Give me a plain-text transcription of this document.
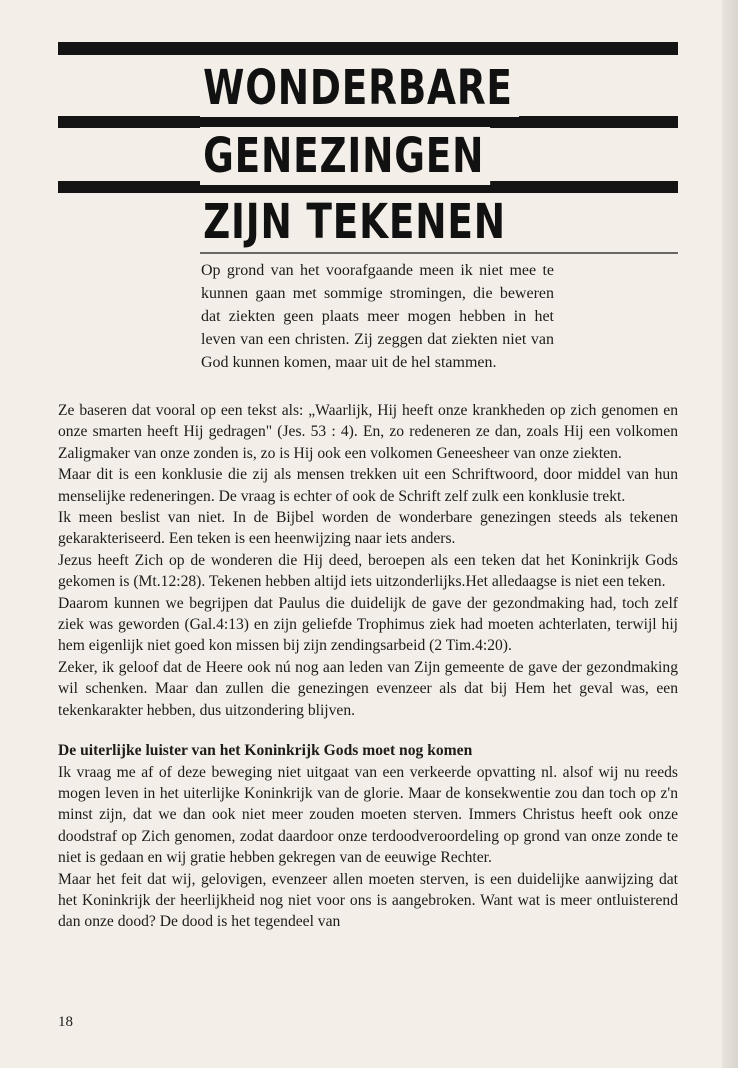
WONDERBARE
GENEZINGEN
ZIJN TEKENEN

Op grond van het voorafgaande meen ik niet mee te kunnen gaan met sommige stromingen, die beweren dat ziekten geen plaats meer mogen hebben in het leven van een christen. Zij zeggen dat ziekten niet van God kunnen komen, maar uit de hel stammen.

Ze baseren dat vooral op een tekst als: „Waarlijk, Hij heeft onze krankheden op zich genomen en onze smarten heeft Hij gedragen" (Jes. 53 : 4). En, zo redeneren ze dan, zoals Hij een volkomen Zaligmaker van onze zonden is, zo is Hij ook een volkomen Geneesheer van onze ziekten.

Maar dit is een konklusie die zij als mensen trekken uit een Schriftwoord, door middel van hun menselijke redeneringen. De vraag is echter of ook de Schrift zelf zulk een konklusie trekt.

Ik meen beslist van niet. In de Bijbel worden de wonderbare genezingen steeds als tekenen gekarakteriseerd. Een teken is een heenwijzing naar iets anders.

Jezus heeft Zich op de wonderen die Hij deed, beroepen als een teken dat het Koninkrijk Gods gekomen is (Mt.12:28). Tekenen hebben altijd iets uitzonderlijks.Het alledaagse is niet een teken.

Daarom kunnen we begrijpen dat Paulus die duidelijk de gave der gezondmaking had, toch zelf ziek was geworden (Gal.4:13) en zijn geliefde Trophimus ziek had moeten achterlaten, terwijl hij hem eigenlijk niet goed kon missen bij zijn zendingsarbeid (2 Tim.4:20).

Zeker, ik geloof dat de Heere ook nú nog aan leden van Zijn gemeente de gave der gezondmaking wil schenken. Maar dan zullen die genezingen evenzeer als dat bij Hem het geval was, een tekenkarakter hebben, dus uitzondering blijven.

De uiterlijke luister van het Koninkrijk Gods moet nog komen

Ik vraag me af of deze beweging niet uitgaat van een verkeerde opvatting nl. alsof wij nu reeds mogen leven in het uiterlijke Koninkrijk van de glorie. Maar de konsekwentie zou dan toch op z'n minst zijn, dat we dan ook niet meer zouden moeten sterven. Immers Christus heeft ook onze doodstraf op Zich genomen, zodat daardoor onze terdoodveroordeling op grond van onze zonde te niet is gedaan en wij gratie hebben gekregen van de eeuwige Rechter.

Maar het feit dat wij, gelovigen, evenzeer allen moeten sterven, is een duidelijke aanwijzing dat het Koninkrijk der heerlijkheid nog niet voor ons is aangebroken. Want wat is meer ontluisterend dan onze dood? De dood is het tegendeel van

18
